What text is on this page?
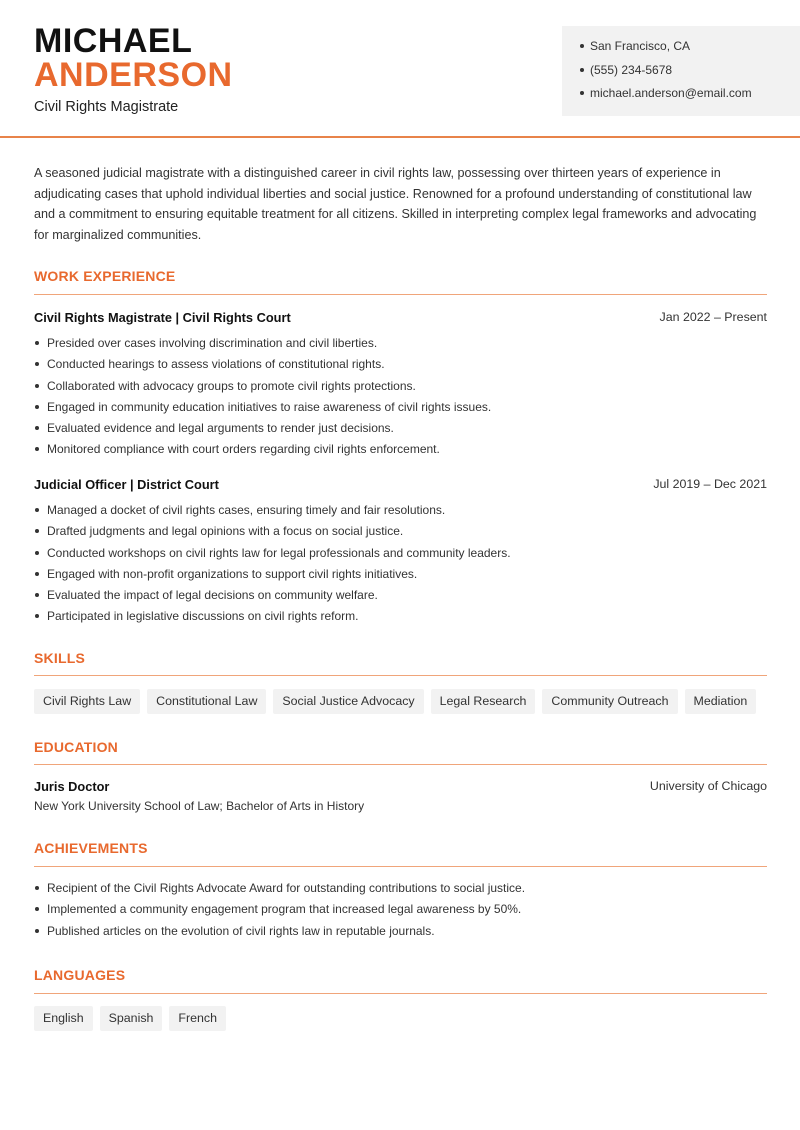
MICHAEL
ANDERSON
Civil Rights Magistrate
San Francisco, CA
(555) 234-5678
michael.anderson@email.com
A seasoned judicial magistrate with a distinguished career in civil rights law, possessing over thirteen years of experience in adjudicating cases that uphold individual liberties and social justice. Renowned for a profound understanding of constitutional law and a commitment to ensuring equitable treatment for all citizens. Skilled in interpreting complex legal frameworks and advocating for marginalized communities.
WORK EXPERIENCE
Civil Rights Magistrate | Civil Rights Court	Jan 2022 – Present
Presided over cases involving discrimination and civil liberties.
Conducted hearings to assess violations of constitutional rights.
Collaborated with advocacy groups to promote civil rights protections.
Engaged in community education initiatives to raise awareness of civil rights issues.
Evaluated evidence and legal arguments to render just decisions.
Monitored compliance with court orders regarding civil rights enforcement.
Judicial Officer | District Court	Jul 2019 – Dec 2021
Managed a docket of civil rights cases, ensuring timely and fair resolutions.
Drafted judgments and legal opinions with a focus on social justice.
Conducted workshops on civil rights law for legal professionals and community leaders.
Engaged with non-profit organizations to support civil rights initiatives.
Evaluated the impact of legal decisions on community welfare.
Participated in legislative discussions on civil rights reform.
SKILLS
Civil Rights Law	Constitutional Law	Social Justice Advocacy	Legal Research	Community Outreach	Mediation
EDUCATION
Juris Doctor	University of Chicago
New York University School of Law; Bachelor of Arts in History
ACHIEVEMENTS
Recipient of the Civil Rights Advocate Award for outstanding contributions to social justice.
Implemented a community engagement program that increased legal awareness by 50%.
Published articles on the evolution of civil rights law in reputable journals.
LANGUAGES
English	Spanish	French
